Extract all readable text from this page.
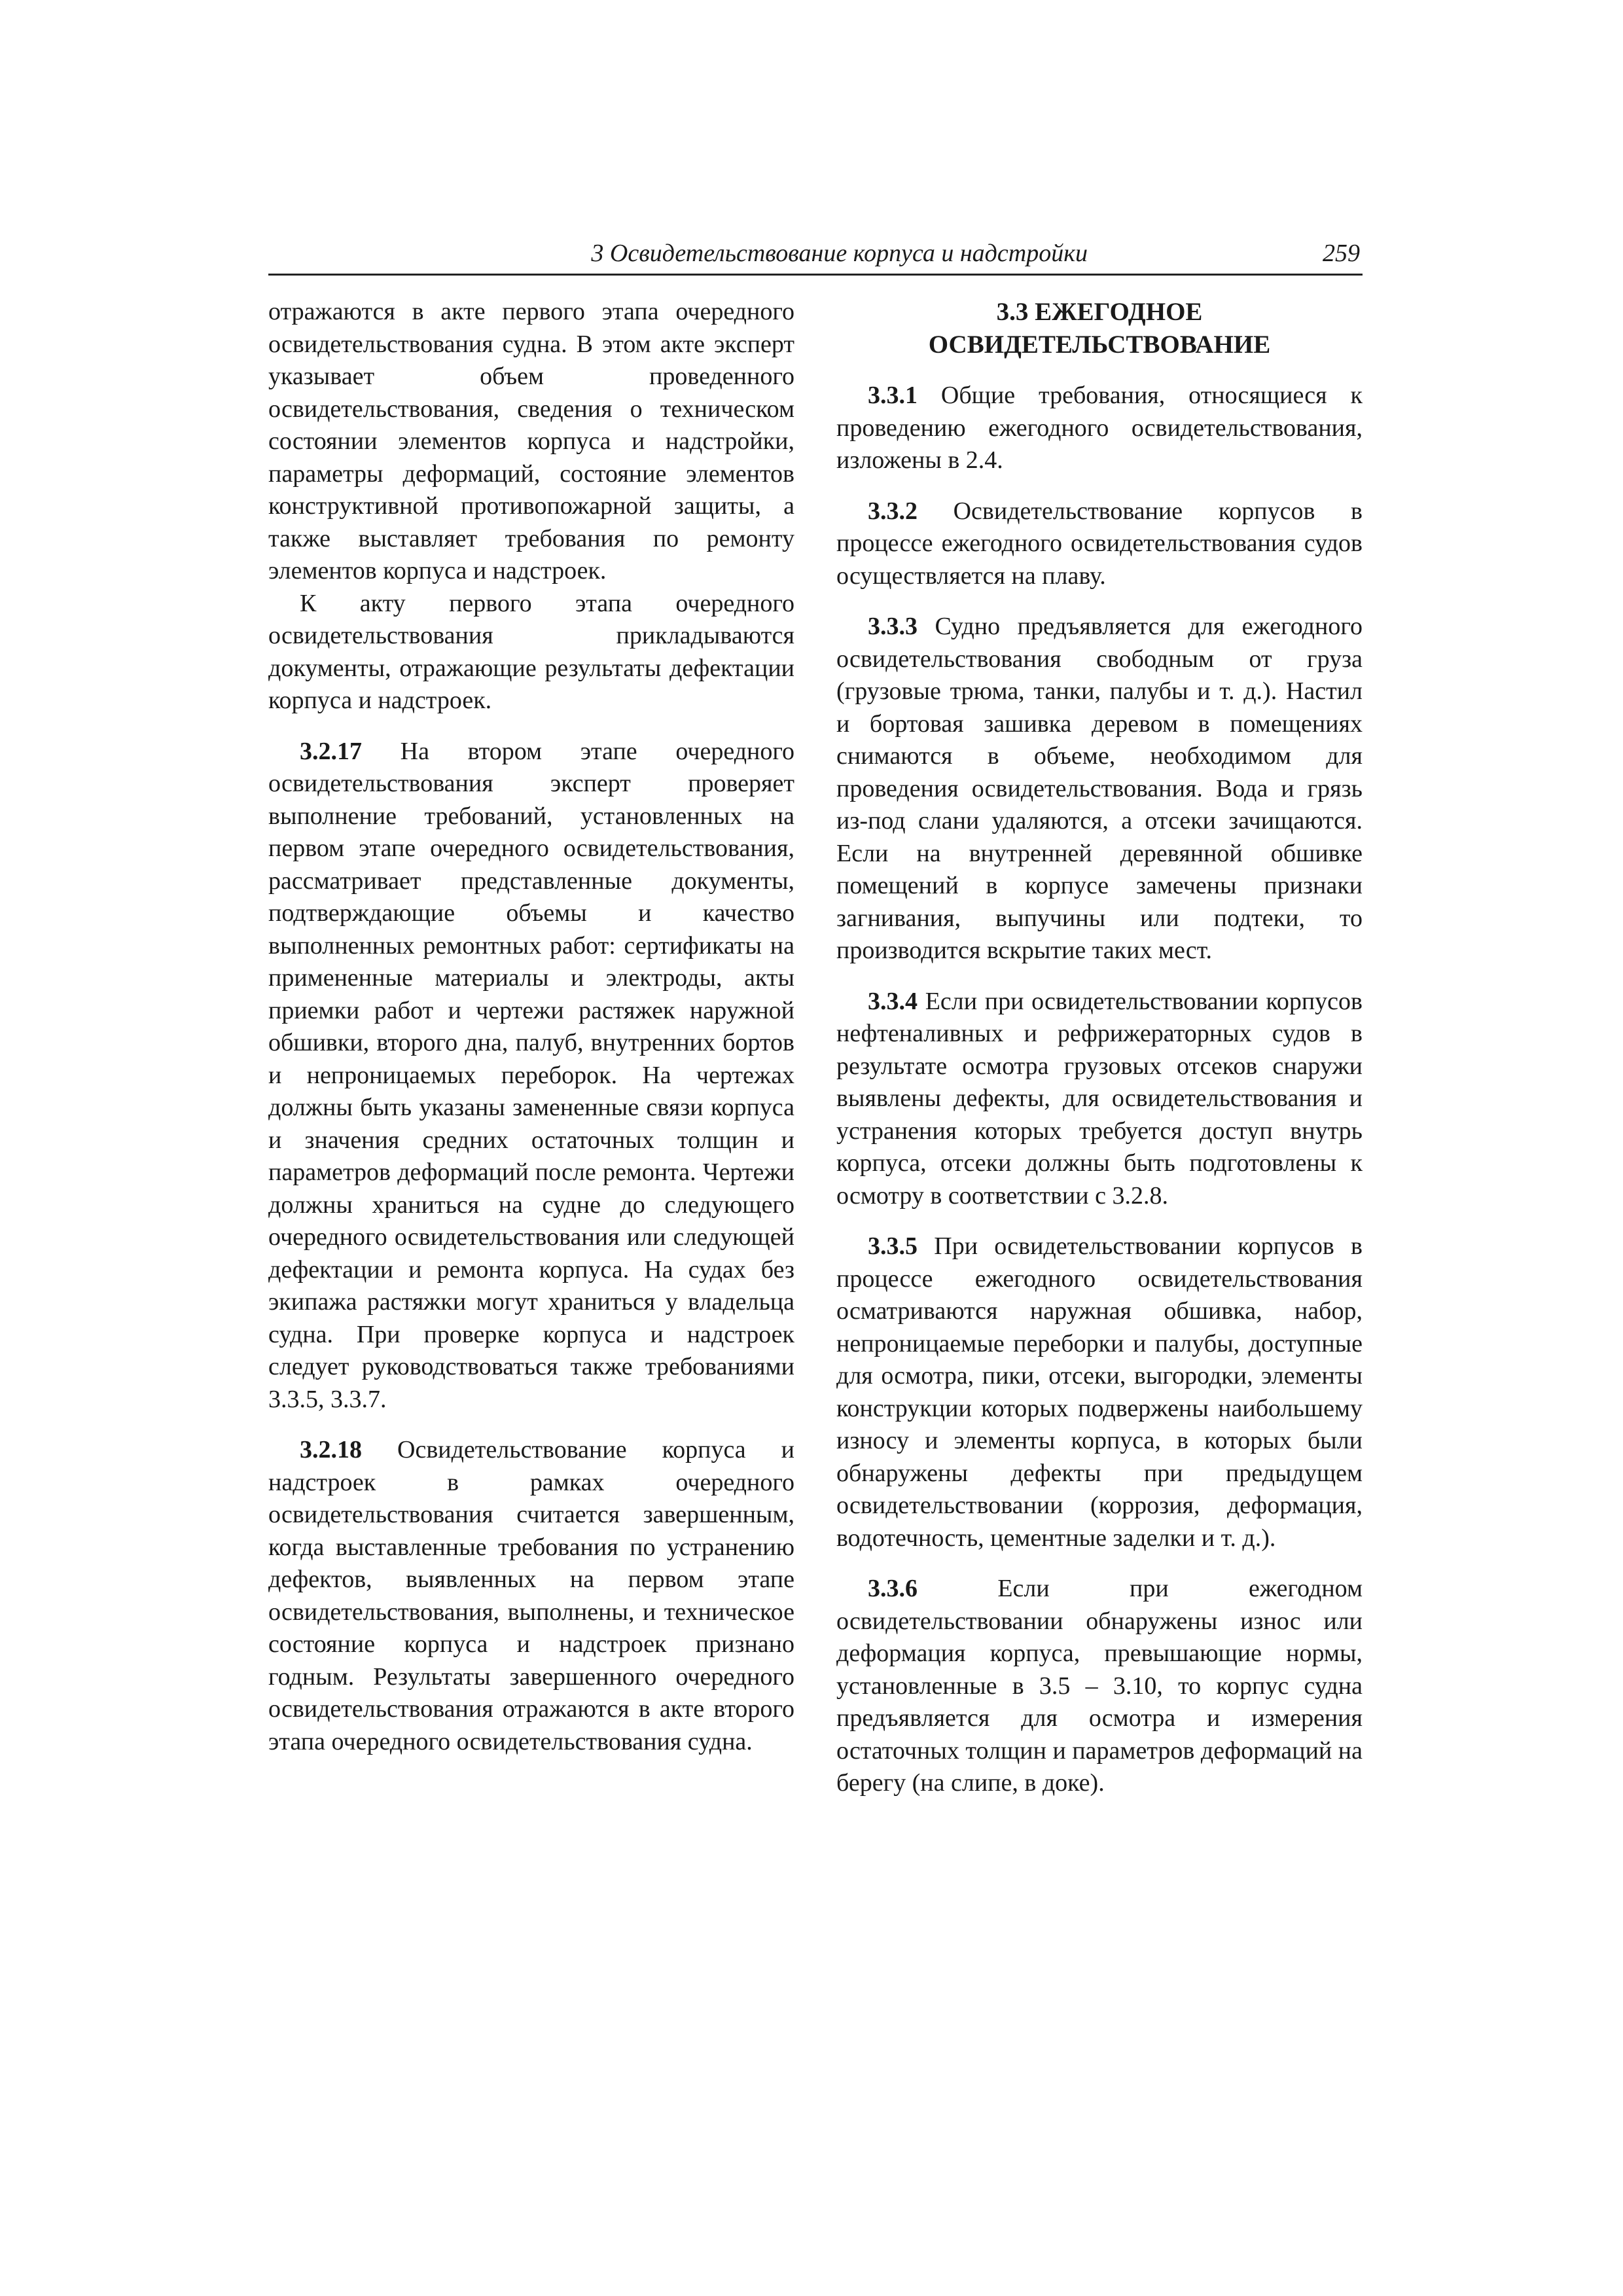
3 Освидетельствование корпуса и надстройки	259

отражаются в акте первого этапа очередного освидетельствования судна. В этом акте эксперт указывает объем проведенного освидетельствования, сведения о техническом состоянии элементов корпуса и надстройки, параметры деформаций, состояние элементов конструктивной противопожарной защиты, а также выставляет требования по ремонту элементов корпуса и надстроек.

К акту первого этапа очередного освидетельствования прикладываются документы, отражающие результаты дефектации корпуса и надстроек.

3.2.17 На втором этапе очередного освидетельствования эксперт проверяет выполнение требований, установленных на первом этапе очередного освидетельствования, рассматривает представленные документы, подтверждающие объемы и качество выполненных ремонтных работ: сертификаты на примененные материалы и электроды, акты приемки работ и чертежи растяжек наружной обшивки, второго дна, палуб, внутренних бортов и непроницаемых переборок. На чертежах должны быть указаны замененные связи корпуса и значения средних остаточных толщин и параметров деформаций после ремонта. Чертежи должны храниться на судне до следующего очередного освидетельствования или следующей дефектации и ремонта корпуса. На судах без экипажа растяжки могут храниться у владельца судна. При проверке корпуса и надстроек следует руководствоваться также требованиями 3.3.5, 3.3.7.

3.2.18 Освидетельствование корпуса и надстроек в рамках очередного освидетельствования считается завершенным, когда выставленные требования по устранению дефектов, выявленных на первом этапе освидетельствования, выполнены, и техническое состояние корпуса и надстроек признано годным. Результаты завершенного очередного освидетельствования отражаются в акте второго этапа очередного освидетельствования судна.

3.3 ЕЖЕГОДНОЕ
ОСВИДЕТЕЛЬСТВОВАНИЕ

3.3.1 Общие требования, относящиеся к проведению ежегодного освидетельствования, изложены в 2.4.

3.3.2 Освидетельствование корпусов в процессе ежегодного освидетельствования судов осуществляется на плаву.

3.3.3 Судно предъявляется для ежегодного освидетельствования свободным от груза (грузовые трюма, танки, палубы и т. д.). Настил и бортовая зашивка деревом в помещениях снимаются в объеме, необходимом для проведения освидетельствования. Вода и грязь из-под слани удаляются, а отсеки зачищаются. Если на внутренней деревянной обшивке помещений в корпусе замечены признаки загнивания, выпучины или подтеки, то производится вскрытие таких мест.

3.3.4 Если при освидетельствовании корпусов нефтеналивных и рефрижераторных судов в результате осмотра грузовых отсеков снаружи выявлены дефекты, для освидетельствования и устранения которых требуется доступ внутрь корпуса, отсеки должны быть подготовлены к осмотру в соответствии с 3.2.8.

3.3.5 При освидетельствовании корпусов в процессе ежегодного освидетельствования осматриваются наружная обшивка, набор, непроницаемые переборки и палубы, доступные для осмотра, пики, отсеки, выгородки, элементы конструкции которых подвержены наибольшему износу и элементы корпуса, в которых были обнаружены дефекты при предыдущем освидетельствовании (коррозия, деформация, водотечность, цементные заделки и т. д.).

3.3.6	Если при ежегодном освидетельствовании обнаружены износ или деформация корпуса, превышающие нормы, установленные в 3.5 – 3.10, то корпус судна предъявляется для осмотра и измерения остаточных толщин и параметров деформаций на берегу (на слипе, в доке).
